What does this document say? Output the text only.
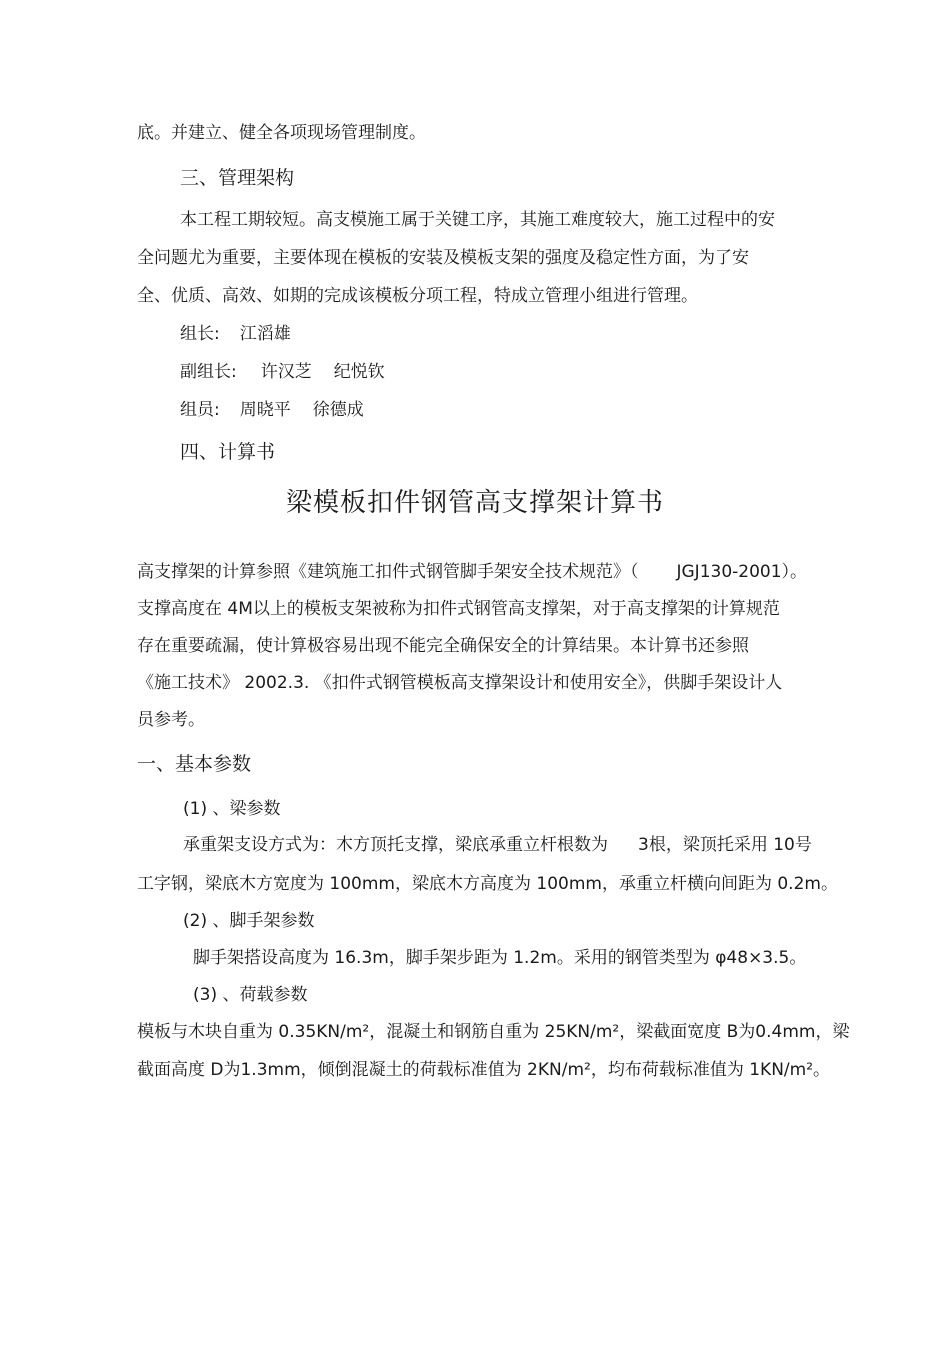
底。并建立、健全各项现场管理制度。
三、管理架构
本工程工期较短。高支模施工属于关键工序，其施工难度较大，施工过程中的安
全问题尤为重要，主要体现在模板的安装及模板支架的强度及稳定性方面，为了安
全、优质、高效、如期的完成该模板分项工程，特成立管理小组进行管理。
组长: 江滔雄
副组长: 许汉芝 纪悦钦
组员: 周晓平 徐德成
四、计算书
梁模板扣件钢管高支撑架计算书
高支撑架的计算参照《建筑施工扣件式钢管脚手架安全技术规范》（ JGJ130-2001）。
支撑高度在 4M以上的模板支架被称为扣件式钢管高支撑架，对于高支撑架的计算规范
存在重要疏漏，使计算极容易出现不能完全确保安全的计算结果。本计算书还参照
《施工技术》 2002.3. 《扣件式钢管模板高支撑架设计和使用安全》，供脚手架设计人
员参考。
一、基本参数
(1) 、梁参数
承重架支设方式为：木方顶托支撑，梁底承重立杆根数为 3根，梁顶托采用 10号
工字钢，梁底木方宽度为 100mm，梁底木方高度为 100mm，承重立杆横向间距为 0.2m。
(2) 、脚手架参数
脚手架搭设高度为 16.3m，脚手架步距为 1.2m。采用的钢管类型为 φ48×3.5。
(3) 、荷载参数
模板与木块自重为 0.35KN/m²，混凝土和钢筋自重为 25KN/m²，梁截面宽度 B为0.4mm，梁
截面高度 D为1.3mm，倾倒混凝土的荷载标准值为 2KN/m²，均布荷载标准值为 1KN/m²。
